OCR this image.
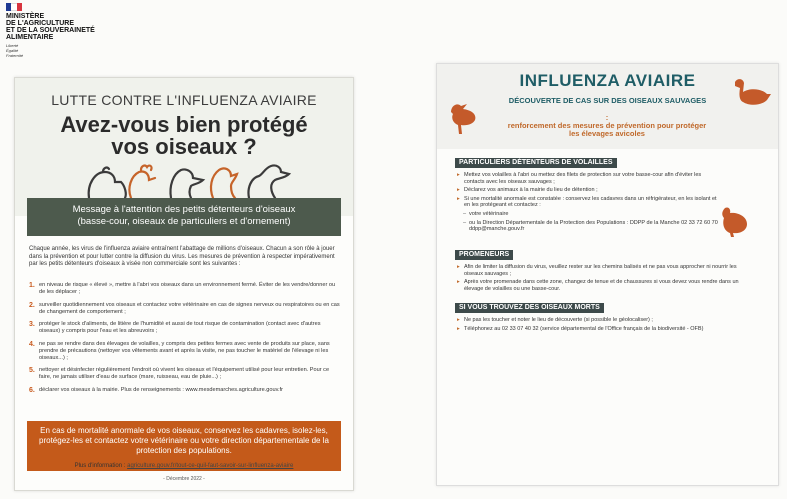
MINISTÈRE
DE L'AGRICULTURE
ET DE LA SOUVERAINETÉ
ALIMENTAIRE
Liberté
Égalité
Fraternité
LUTTE CONTRE L'INFLUENZA AVIAIRE
Avez-vous bien protégé
vos oiseaux ?
Message à l'attention des petits détenteurs d'oiseaux
(basse-cour, oiseaux de particuliers et d'ornement)
Chaque année, les virus de l'influenza aviaire entraînent l'abattage de millions d'oiseaux. Chacun a son rôle à jouer dans la prévention et pour lutter contre la diffusion du virus. Les mesures de prévention à respecter impérativement par les petits détenteurs d'oiseaux à visée non commerciale sont les suivantes :
1. en niveau de risque « élevé », mettre à l'abri vos oiseaux dans un environnement fermé. Éviter de les vendre/donner ou de les déplacer ;
2. surveiller quotidiennement vos oiseaux et contactez votre vétérinaire en cas de signes nerveux ou respiratoires ou en cas de changement de comportement ;
3. protéger le stock d'aliments, de litière de l'humidité et aussi de tout risque de contamination (contact avec d'autres oiseaux) y compris pour l'eau et les abreuvoirs ;
4. ne pas se rendre dans des élevages de volailles, y compris des petites fermes avec vente de produits sur place, sans prendre de précautions (nettoyer vos vêtements avant et après la visite, ne pas toucher le matériel de l'élevage ni les oiseaux...) ;
5. nettoyer et désinfecter régulièrement l'endroit où vivent les oiseaux et l'équipement utilisé pour leur entretien. Pour ce faire, ne jamais utiliser d'eau de surface (mare, ruisseau, eau de pluie...) ;
6. déclarer vos oiseaux à la mairie. Plus de renseignements : www.mesdemarches.agriculture.gouv.fr
En cas de mortalité anormale de vos oiseaux, conservez les cadavres, isolez-les, protégez-les et contactez votre vétérinaire ou votre direction départementale de la protection des populations.
Plus d'information : agriculture.gouv.fr/tout-ce-quil-faut-savoir-sur-linfluenza-aviaire
- Décembre 2022 -
INFLUENZA AVIAIRE
DÉCOUVERTE DE CAS SUR DES OISEAUX SAUVAGES
:
renforcement des mesures de prévention pour protéger les élevages avicoles
PARTICULIERS DÉTENTEURS DE VOLAILLES
▸ Mettez vos volailles à l'abri ou mettez des filets de protection sur votre basse-cour afin d'éviter les contacts avec les oiseaux sauvages ;
▸ Déclarez vos animaux à la mairie du lieu de détention ;
▸ Si une mortalité anormale est constatée : conservez les cadavres dans un réfrigérateur, en les isolant et en les protégeant et contactez :
– votre vétérinaire
– ou la Direction Départementale de la Protection des Populations : DDPP de la Manche 02 33 72 60 70 ddpp@manche.gouv.fr
PROMENEURS
▸ Afin de limiter la diffusion du virus, veuillez rester sur les chemins balisés et ne pas vous approcher ni nourrir les oiseaux sauvages ;
▸ Après votre promenade dans cette zone, changez de tenue et de chaussures si vous devez vous rendre dans un élevage de volailles ou une basse-cour.
SI VOUS TROUVEZ DES OISEAUX MORTS
▸ Ne pas les toucher et noter le lieu de découverte (si possible le géolocaliser) ;
▸ Téléphonez au 02 33 07 40 32 (service départemental de l'Office français de la biodiversité - OFB)
